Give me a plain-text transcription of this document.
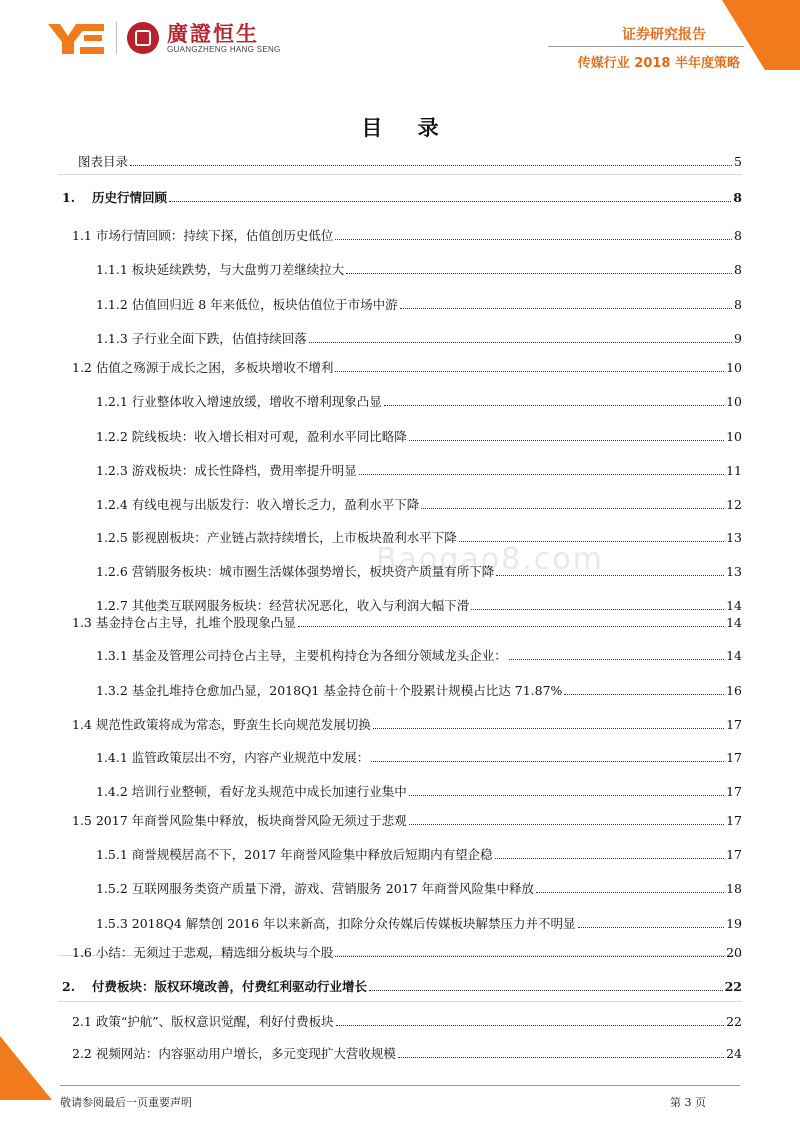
廣證恒生
GUANGZHENG HANG SENG
证券研究报告
传媒行业 2018 半年度策略
目 录
Baogao8.com
图表目录	5
1.	历史行情回顾	8
1.1 市场行情回顾：持续下探，估值创历史低位	8
1.1.1 板块延续跌势，与大盘剪刀差继续拉大	8
1.1.2 估值回归近 8 年来低位，板块估值位于市场中游	8
1.1.3 子行业全面下跌，估值持续回落	9
1.2 估值之殇源于成长之困，多板块增收不增利	10
1.2.1 行业整体收入增速放缓，增收不增利现象凸显	10
1.2.2 院线板块：收入增长相对可观，盈利水平同比略降	10
1.2.3 游戏板块：成长性降档，费用率提升明显	11
1.2.4 有线电视与出版发行：收入增长乏力，盈利水平下降	12
1.2.5 影视剧板块：产业链占款持续增长，上市板块盈利水平下降	13
1.2.6 营销服务板块：城市圈生活媒体强势增长，板块资产质量有所下降	13
1.2.7 其他类互联网服务板块：经营状况恶化，收入与利润大幅下滑	14
1.3 基金持仓占主导，扎堆个股现象凸显	14
1.3.1 基金及管理公司持仓占主导，主要机构持仓为各细分领域龙头企业：	14
1.3.2 基金扎堆持仓愈加凸显，2018Q1 基金持仓前十个股累计规模占比达 71.87%	16
1.4 规范性政策将成为常态，野蛮生长向规范发展切换	17
1.4.1 监管政策层出不穷，内容产业规范中发展：	17
1.4.2 培训行业整顿，看好龙头规范中成长加速行业集中	17
1.5 2017 年商誉风险集中释放，板块商誉风险无须过于悲观	17
1.5.1 商誉规模居高不下，2017 年商誉风险集中释放后短期内有望企稳	17
1.5.2 互联网服务类资产质量下滑，游戏、营销服务 2017 年商誉风险集中释放	18
1.5.3 2018Q4 解禁创 2016 年以来新高，扣除分众传媒后传媒板块解禁压力并不明显	19
1.6 小结：无须过于悲观，精选细分板块与个股	20
2.	付费板块：版权环境改善，付费红利驱动行业增长	22
2.1 政策“护航”、版权意识觉醒，利好付费板块	22
2.2 视频网站：内容驱动用户增长，多元变现扩大营收规模	24
敬请参阅最后一页重要声明	第 3 页
